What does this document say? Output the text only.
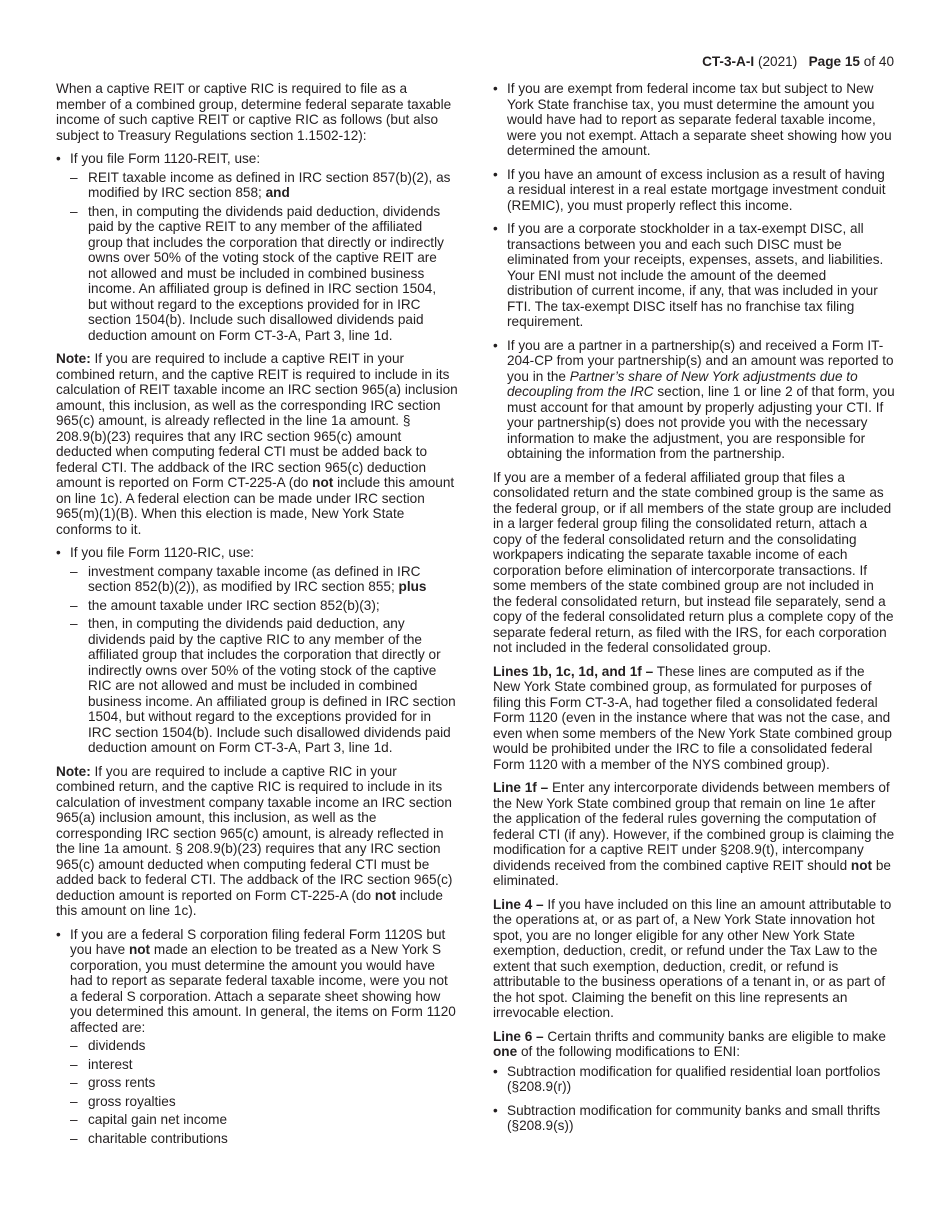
CT-3-A-I (2021) Page 15 of 40

When a captive REIT or captive RIC is required to file as a member of a combined group, determine federal separate taxable income of such captive REIT or captive RIC as follows (but also subject to Treasury Regulations section 1.1502-12):

• If you file Form 1120-REIT, use:
– REIT taxable income as defined in IRC section 857(b)(2), as modified by IRC section 858; and
– then, in computing the dividends paid deduction, dividends paid by the captive REIT to any member of the affiliated group that includes the corporation that directly or indirectly owns over 50% of the voting stock of the captive REIT are not allowed and must be included in combined business income. An affiliated group is defined in IRC section 1504, but without regard to the exceptions provided for in IRC section 1504(b). Include such disallowed dividends paid deduction amount on Form CT-3-A, Part 3, line 1d.

Note: If you are required to include a captive REIT in your combined return, and the captive REIT is required to include in its calculation of REIT taxable income an IRC section 965(a) inclusion amount, this inclusion, as well as the corresponding IRC section 965(c) amount, is already reflected in the line 1a amount. § 208.9(b)(23) requires that any IRC section 965(c) amount deducted when computing federal CTI must be added back to federal CTI. The addback of the IRC section 965(c) deduction amount is reported on Form CT-225-A (do not include this amount on line 1c). A federal election can be made under IRC section 965(m)(1)(B). When this election is made, New York State conforms to it.

• If you file Form 1120-RIC, use:
– investment company taxable income (as defined in IRC section 852(b)(2)), as modified by IRC section 855; plus
– the amount taxable under IRC section 852(b)(3);
– then, in computing the dividends paid deduction, any dividends paid by the captive RIC to any member of the affiliated group that includes the corporation that directly or indirectly owns over 50% of the voting stock of the captive RIC are not allowed and must be included in combined business income. An affiliated group is defined in IRC section 1504, but without regard to the exceptions provided for in IRC section 1504(b). Include such disallowed dividends paid deduction amount on Form CT-3-A, Part 3, line 1d.

Note: If you are required to include a captive RIC in your combined return, and the captive RIC is required to include in its calculation of investment company taxable income an IRC section 965(a) inclusion amount, this inclusion, as well as the corresponding IRC section 965(c) amount, is already reflected in the line 1a amount. § 208.9(b)(23) requires that any IRC section 965(c) amount deducted when computing federal CTI must be added back to federal CTI. The addback of the IRC section 965(c) deduction amount is reported on Form CT-225-A (do not include this amount on line 1c).

• If you are a federal S corporation filing federal Form 1120S but you have not made an election to be treated as a New York S corporation, you must determine the amount you would have had to report as separate federal taxable income, were you not a federal S corporation. Attach a separate sheet showing how you determined this amount. In general, the items on Form 1120 affected are:
– dividends
– interest
– gross rents
– gross royalties
– capital gain net income
– charitable contributions
• If you are exempt from federal income tax but subject to New York State franchise tax, you must determine the amount you would have had to report as separate federal taxable income, were you not exempt. Attach a separate sheet showing how you determined the amount.
• If you have an amount of excess inclusion as a result of having a residual interest in a real estate mortgage investment conduit (REMIC), you must properly reflect this income.
• If you are a corporate stockholder in a tax-exempt DISC, all transactions between you and each such DISC must be eliminated from your receipts, expenses, assets, and liabilities. Your ENI must not include the amount of the deemed distribution of current income, if any, that was included in your FTI. The tax-exempt DISC itself has no franchise tax filing requirement.
• If you are a partner in a partnership(s) and received a Form IT-204-CP from your partnership(s) and an amount was reported to you in the Partner’s share of New York adjustments due to decoupling from the IRC section, line 1 or line 2 of that form, you must account for that amount by properly adjusting your CTI. If your partnership(s) does not provide you with the necessary information to make the adjustment, you are responsible for obtaining the information from the partnership.

If you are a member of a federal affiliated group that files a consolidated return and the state combined group is the same as the federal group, or if all members of the state group are included in a larger federal group filing the consolidated return, attach a copy of the federal consolidated return and the consolidating workpapers indicating the separate taxable income of each corporation before elimination of intercorporate transactions. If some members of the state combined group are not included in the federal consolidated return, but instead file separately, send a copy of the federal consolidated return plus a complete copy of the separate federal return, as filed with the IRS, for each corporation not included in the federal consolidated group.

Lines 1b, 1c, 1d, and 1f – These lines are computed as if the New York State combined group, as formulated for purposes of filing this Form CT-3-A, had together filed a consolidated federal Form 1120 (even in the instance where that was not the case, and even when some members of the New York State combined group would be prohibited under the IRC to file a consolidated federal Form 1120 with a member of the NYS combined group).

Line 1f – Enter any intercorporate dividends between members of the New York State combined group that remain on line 1e after the application of the federal rules governing the computation of federal CTI (if any). However, if the combined group is claiming the modification for a captive REIT under §208.9(t), intercompany dividends received from the combined captive REIT should not be eliminated.

Line 4 – If you have included on this line an amount attributable to the operations at, or as part of, a New York State innovation hot spot, you are no longer eligible for any other New York State exemption, deduction, credit, or refund under the Tax Law to the extent that such exemption, deduction, credit, or refund is attributable to the business operations of a tenant in, or as part of the hot spot. Claiming the benefit on this line represents an irrevocable election.

Line 6 – Certain thrifts and community banks are eligible to make one of the following modifications to ENI:

• Subtraction modification for qualified residential loan portfolios (§208.9(r))
• Subtraction modification for community banks and small thrifts (§208.9(s))
